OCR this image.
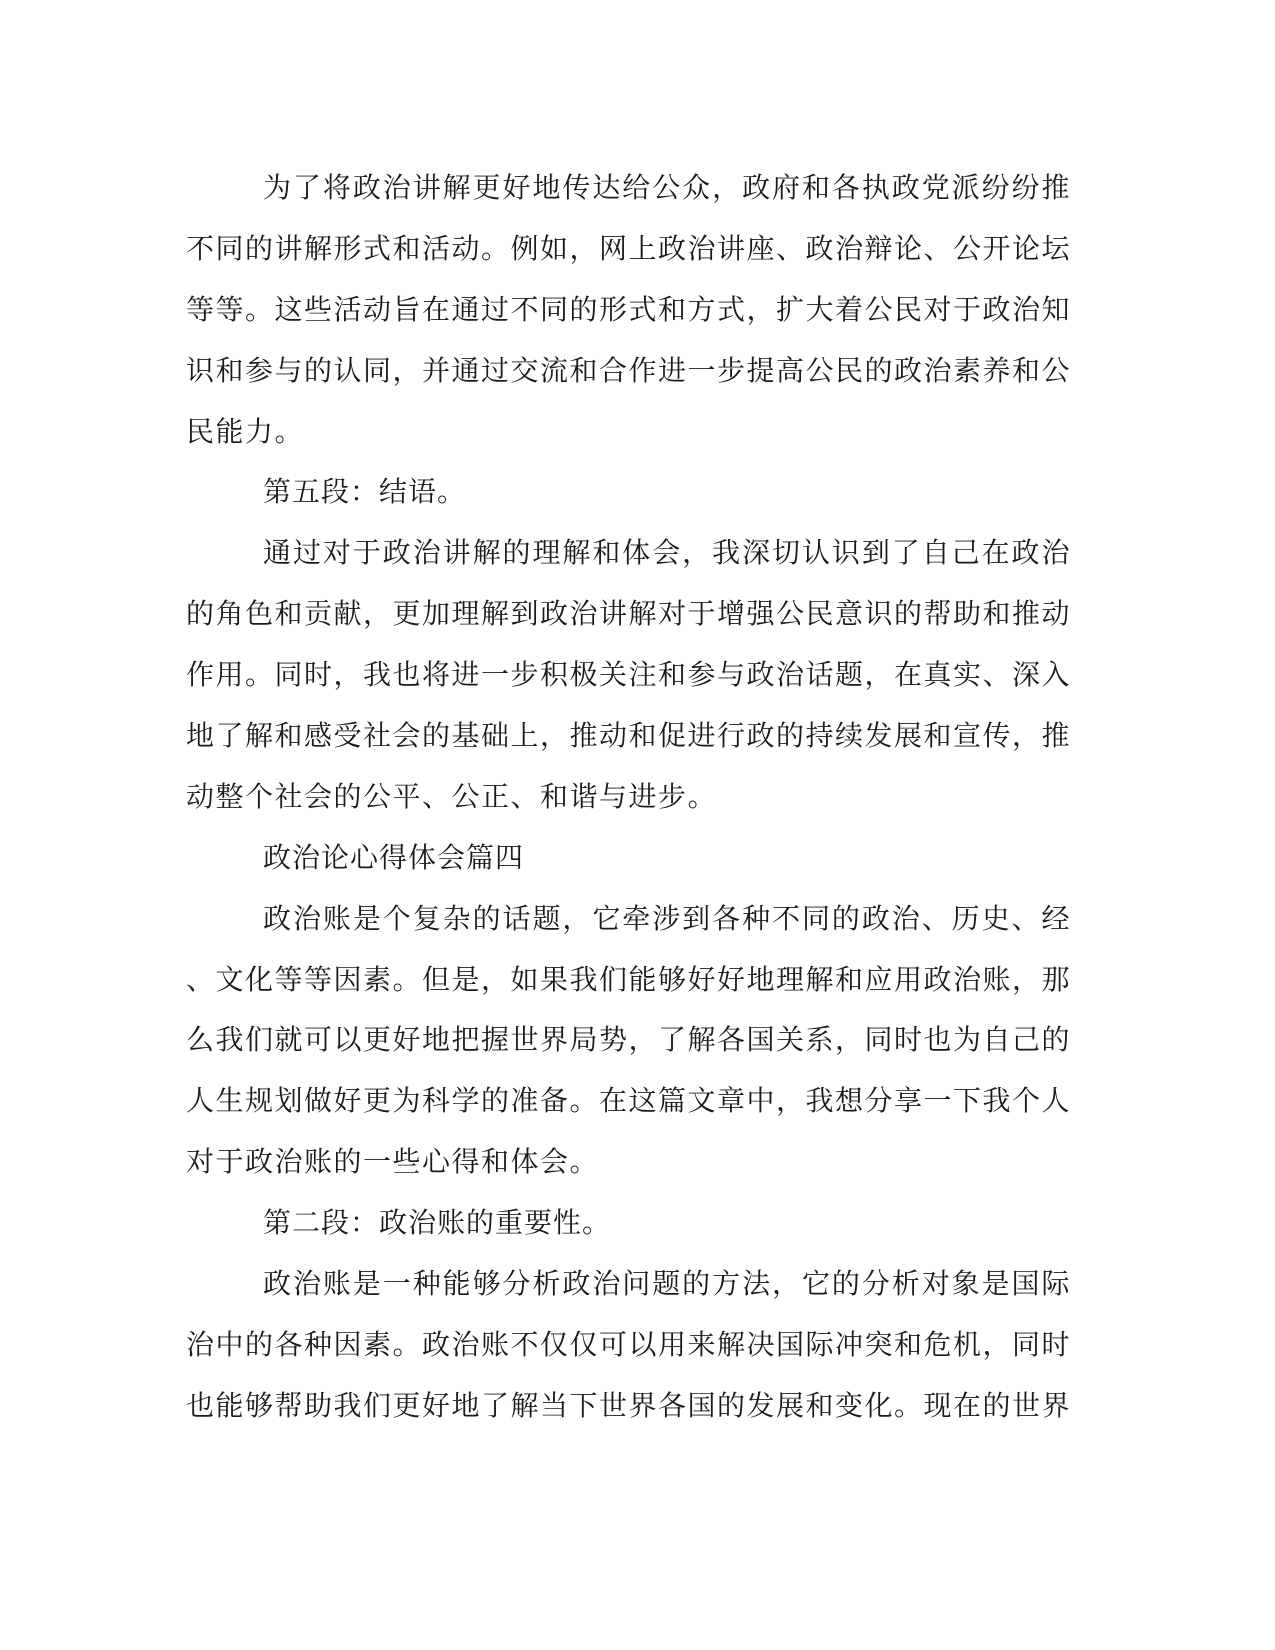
为了将政治讲解更好地传达给公众，政府和各执政党派纷纷推
不同的讲解形式和活动。例如，网上政治讲座、政治辩论、公开论坛
等等。这些活动旨在通过不同的形式和方式，扩大着公民对于政治知
识和参与的认同，并通过交流和合作进一步提高公民的政治素养和公
民能力。
第五段：结语。
通过对于政治讲解的理解和体会，我深切认识到了自己在政治
的角色和贡献，更加理解到政治讲解对于增强公民意识的帮助和推动
作用。同时，我也将进一步积极关注和参与政治话题，在真实、深入
地了解和感受社会的基础上，推动和促进行政的持续发展和宣传，推
动整个社会的公平、公正、和谐与进步。
政治论心得体会篇四
政治账是个复杂的话题，它牵涉到各种不同的政治、历史、经
、文化等等因素。但是，如果我们能够好好地理解和应用政治账，那
么我们就可以更好地把握世界局势，了解各国关系，同时也为自己的
人生规划做好更为科学的准备。在这篇文章中，我想分享一下我个人
对于政治账的一些心得和体会。
第二段：政治账的重要性。
政治账是一种能够分析政治问题的方法，它的分析对象是国际
治中的各种因素。政治账不仅仅可以用来解决国际冲突和危机，同时
也能够帮助我们更好地了解当下世界各国的发展和变化。现在的世界
